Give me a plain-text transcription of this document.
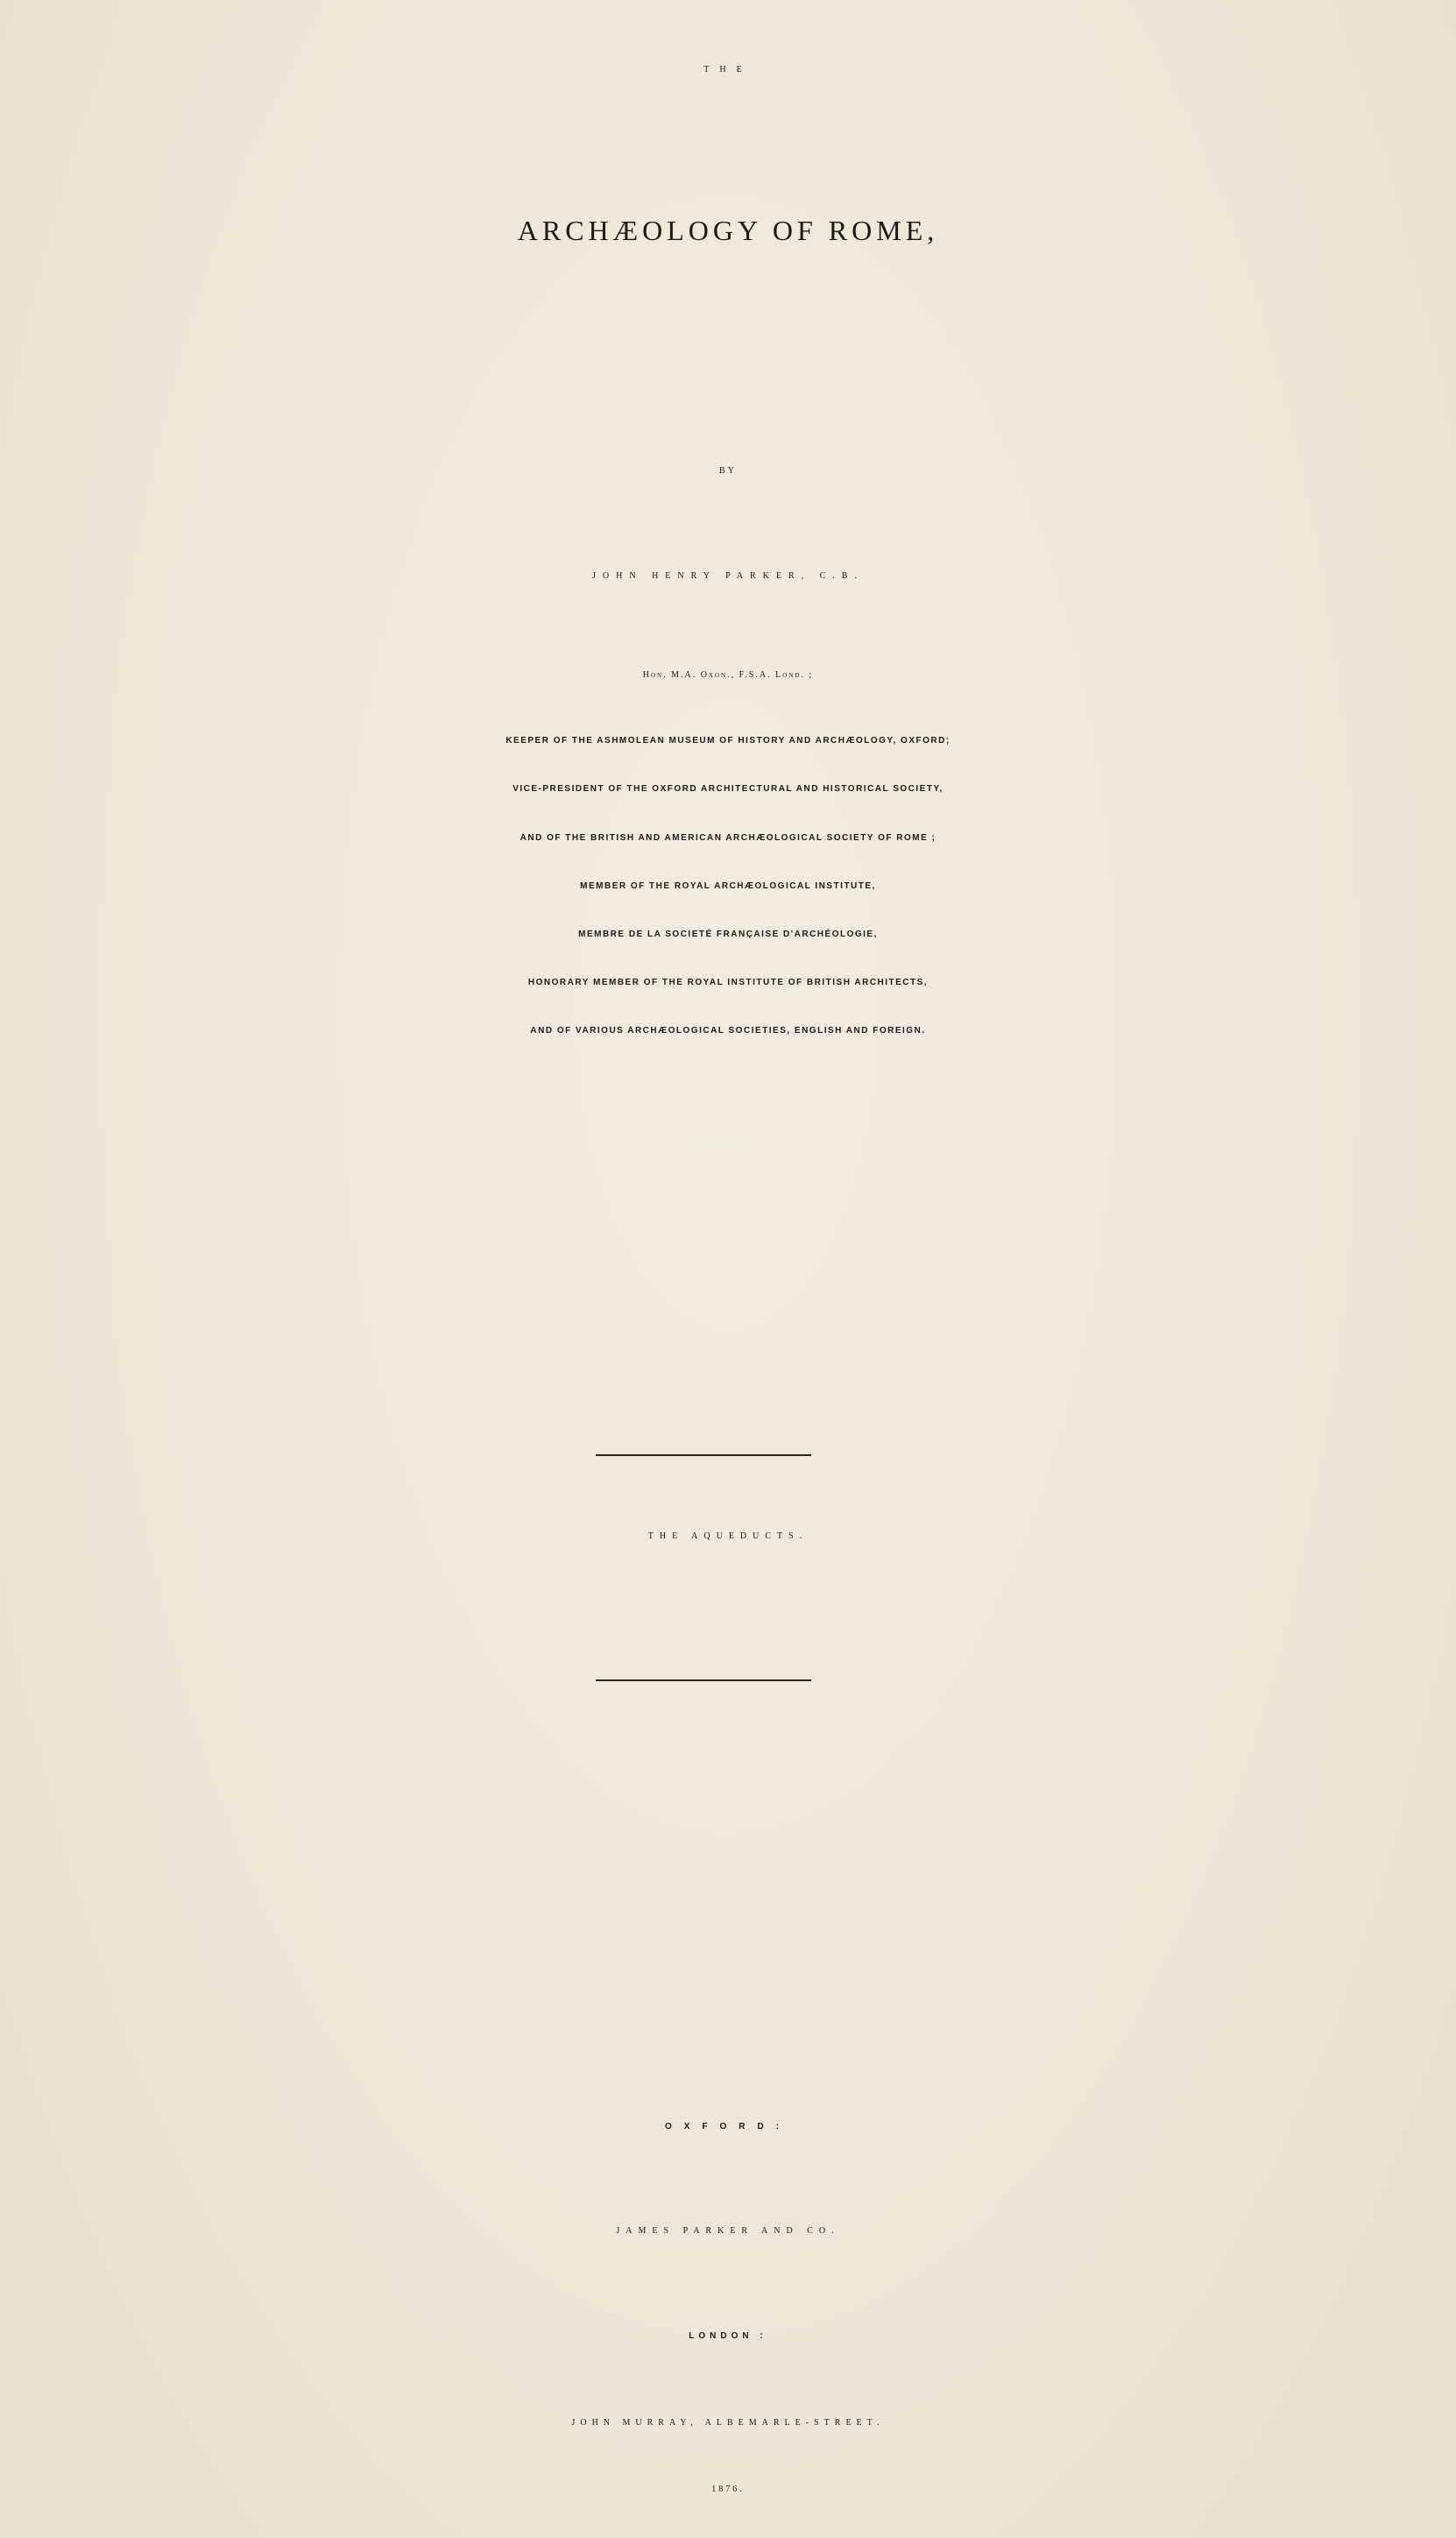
THE
ARCHÆOLOGY OF ROME,
BY
JOHN HENRY PARKER, C.B.
Hon. M.A. Oxon., F.S.A. Lond. ;
KEEPER OF THE ASHMOLEAN MUSEUM OF HISTORY AND ARCHÆOLOGY, OXFORD;
VICE-PRESIDENT OF THE OXFORD ARCHITECTURAL AND HISTORICAL SOCIETY,
AND OF THE BRITISH AND AMERICAN ARCHÆOLOGICAL SOCIETY OF ROME ;
MEMBER OF THE ROYAL ARCHÆOLOGICAL INSTITUTE,
MEMBRE DE LA SOCIETÉ FRANÇAISE D'ARCHÉOLOGIE,
HONORARY MEMBER OF THE ROYAL INSTITUTE OF BRITISH ARCHITECTS,
AND OF VARIOUS ARCHÆOLOGICAL SOCIETIES, ENGLISH AND FOREIGN.
THE AQUEDUCTS.
OXFORD:
JAMES PARKER AND CO.
LONDON :
JOHN MURRAY, ALBEMARLE-STREET.
1876.
